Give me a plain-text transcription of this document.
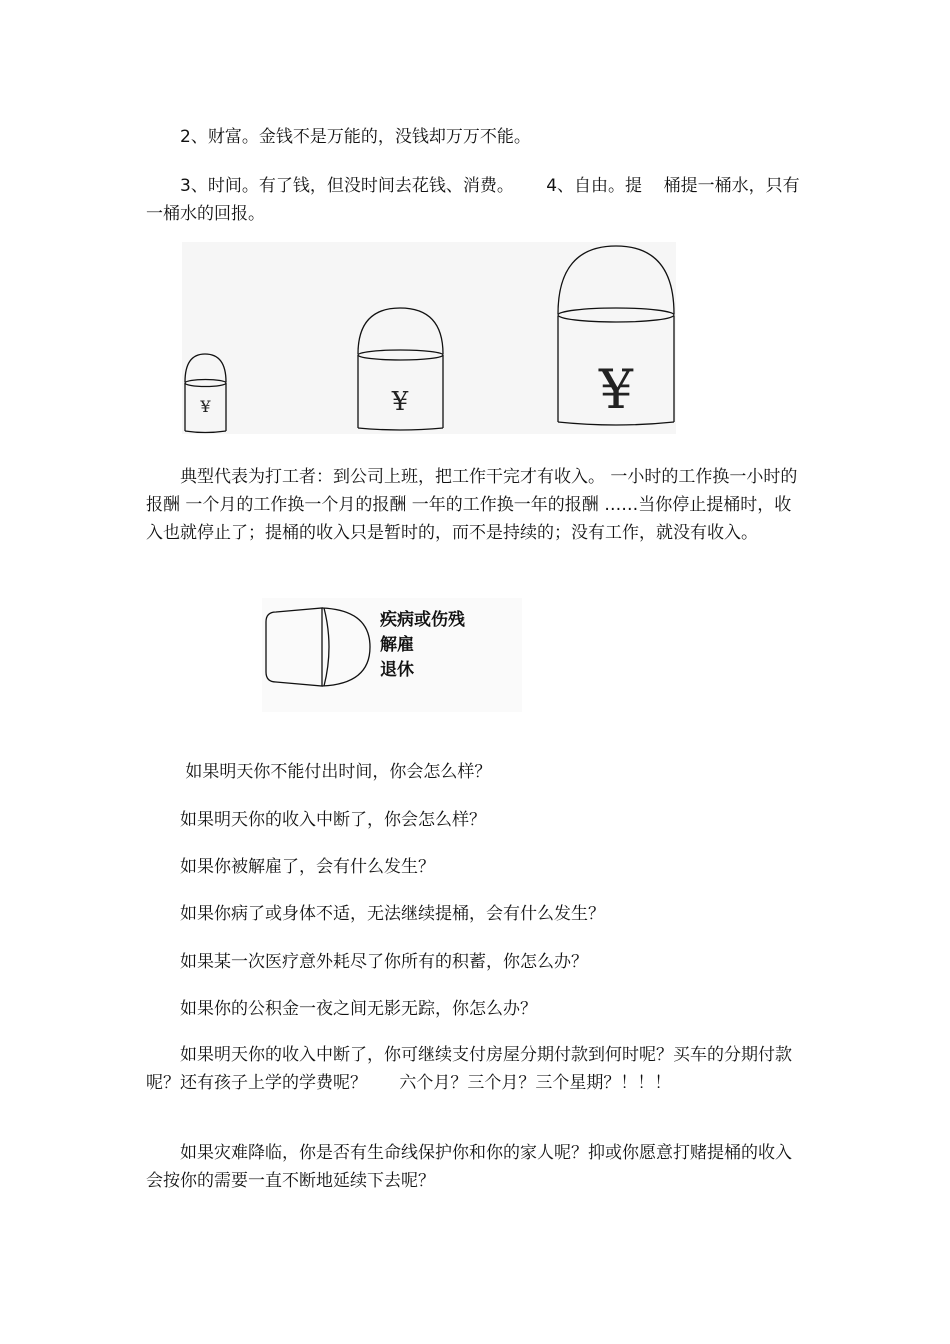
2、财富。金钱不是万能的，没钱却万万不能。

3、时间。有了钱，但没时间去花钱、消费。      4、自由。提    桶提一桶水，只有一桶水的回报。

¥	¥	¥

典型代表为打工者：到公司上班，把工作干完才有收入。 一小时的工作换一小时的报酬 一个月的工作换一个月的报酬 一年的工作换一年的报酬 ……当你停止提桶时，收入也就停止了；提桶的收入只是暂时的，而不是持续的；没有工作，就没有收入。

疾病或伤残
解雇
退休

如果明天你不能付出时间，你会怎么样？

如果明天你的收入中断了，你会怎么样？

如果你被解雇了，会有什么发生？

如果你病了或身体不适，无法继续提桶，会有什么发生？

如果某一次医疗意外耗尽了你所有的积蓄，你怎么办？

如果你的公积金一夜之间无影无踪，你怎么办？

如果明天你的收入中断了，你可继续支付房屋分期付款到何时呢？买车的分期付款呢？还有孩子上学的学费呢？      六个月？三个月？三个星期？！！！

如果灾难降临，你是否有生命线保护你和你的家人呢？抑或你愿意打赌提桶的收入会按你的需要一直不断地延续下去呢？
